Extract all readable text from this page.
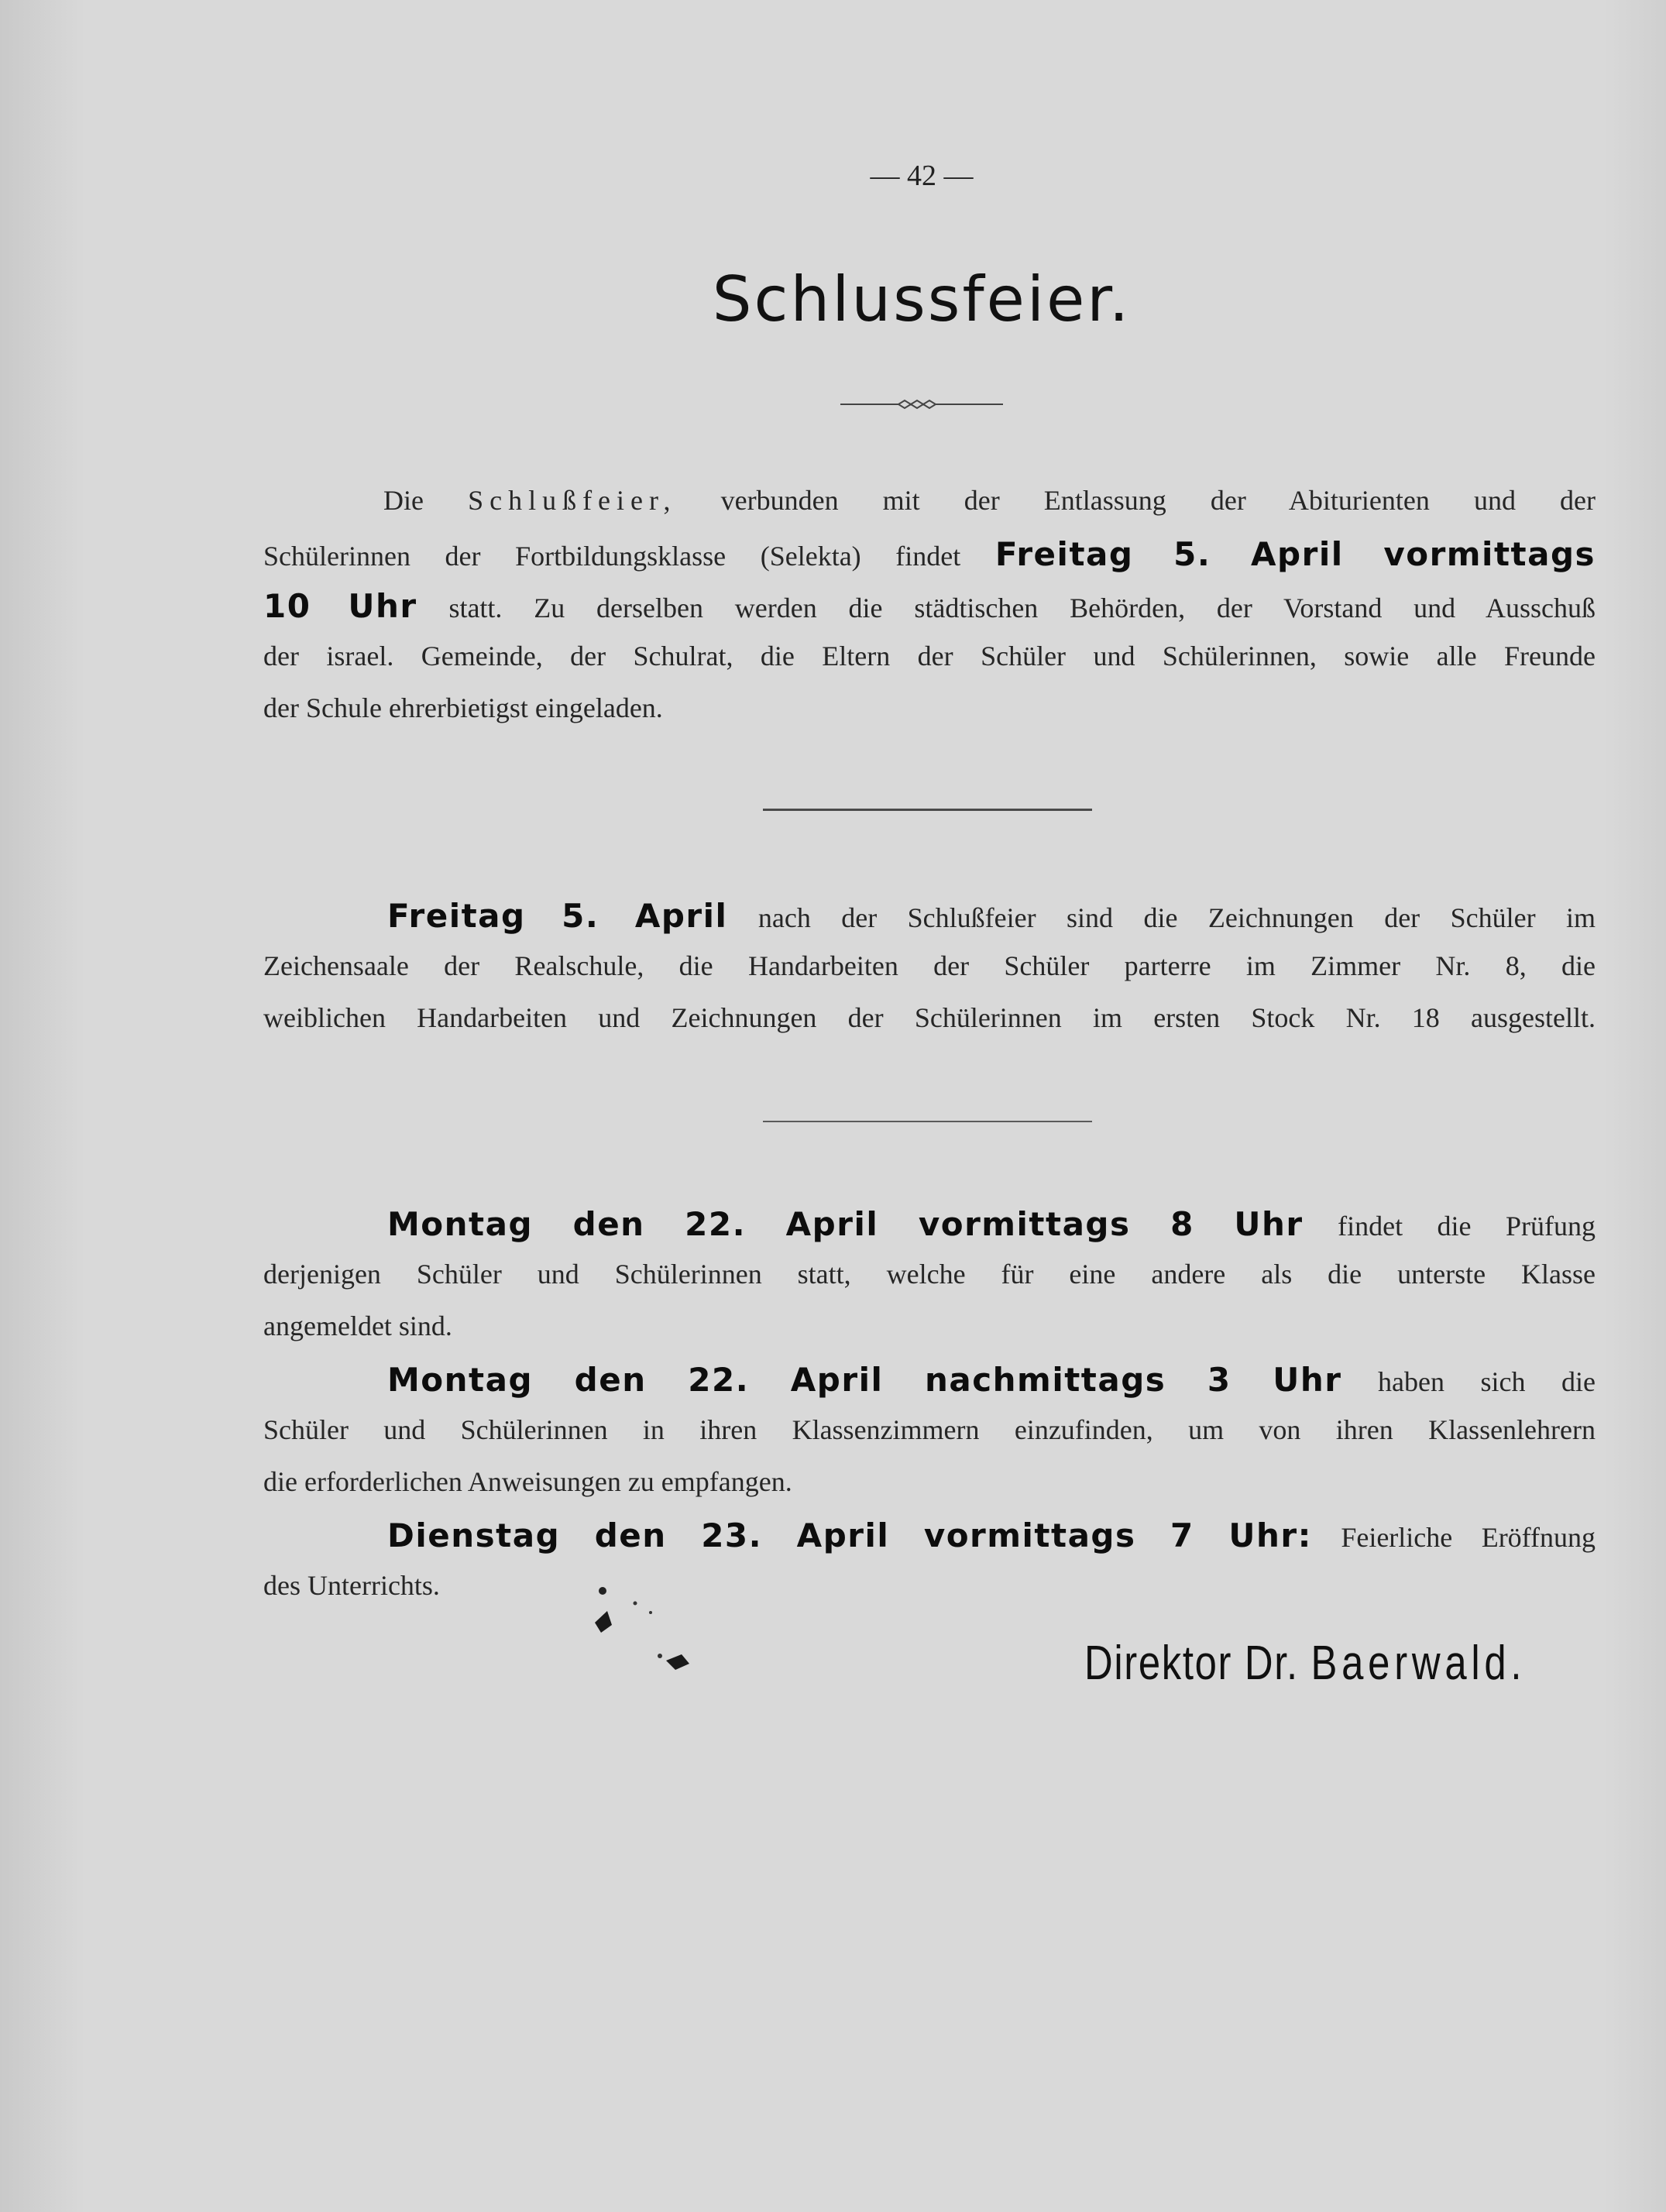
— 42 —
Schlussfeier.
Die Schlußfeier, verbunden mit der Entlassung der Abiturienten und der
Schülerinnen der Fortbildungsklasse (Selekta) findet Freitag 5. April vormittags
10 Uhr statt. Zu derselben werden die städtischen Behörden, der Vorstand und Ausschuß
der israel. Gemeinde, der Schulrat, die Eltern der Schüler und Schülerinnen, sowie alle Freunde
der Schule ehrerbietigst eingeladen.
Freitag 5. April nach der Schlußfeier sind die Zeichnungen der Schüler im
Zeichensaale der Realschule, die Handarbeiten der Schüler parterre im Zimmer Nr. 8, die
weiblichen Handarbeiten und Zeichnungen der Schülerinnen im ersten Stock Nr. 18 ausgestellt.
Montag den 22. April vormittags 8 Uhr findet die Prüfung
derjenigen Schüler und Schülerinnen statt, welche für eine andere als die unterste Klasse
angemeldet sind.
Montag den 22. April nachmittags 3 Uhr haben sich die
Schüler und Schülerinnen in ihren Klassenzimmern einzufinden, um von ihren Klassenlehrern
die erforderlichen Anweisungen zu empfangen.
Dienstag den 23. April vormittags 7 Uhr: Feierliche Eröffnung
des Unterrichts.
Direktor Dr. Baerwald.
